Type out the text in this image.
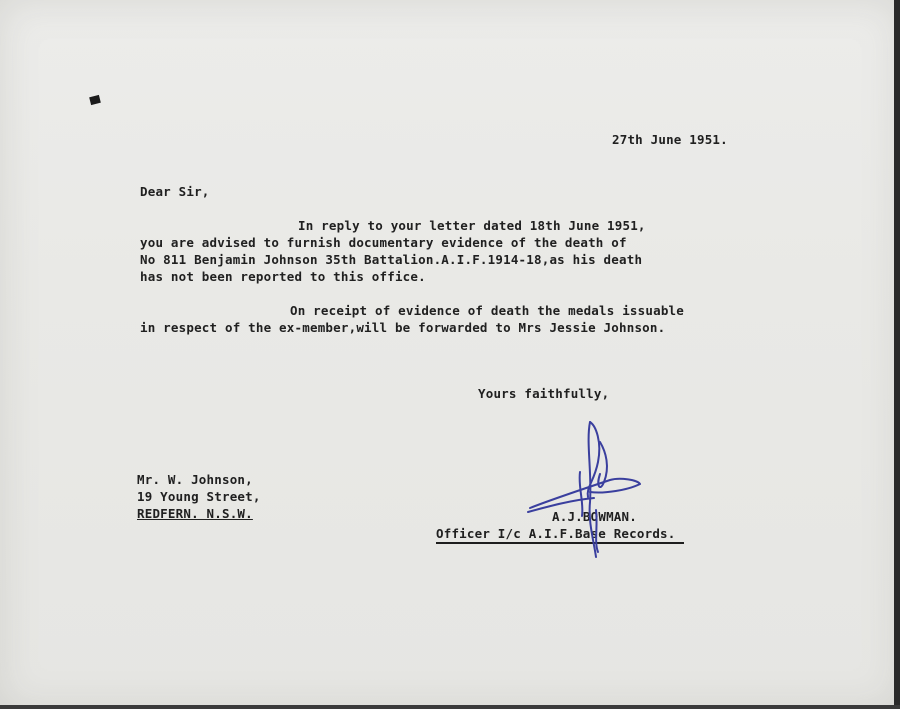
27th June 1951.
Dear Sir,
In reply to your letter dated 18th June 1951,
you are advised to furnish documentary evidence of the death of
No 811 Benjamin Johnson 35th Battalion.A.I.F.1914-18,as his death
has not been reported to this office.
On receipt of evidence of death the medals issuable
in respect of the ex-member,will be forwarded to Mrs Jessie Johnson.
Yours faithfully,
Mr. W. Johnson,
19 Young Street,
REDFERN. N.S.W.	A.J.BOWMAN.
Officer I/c A.I.F.Base Records.
